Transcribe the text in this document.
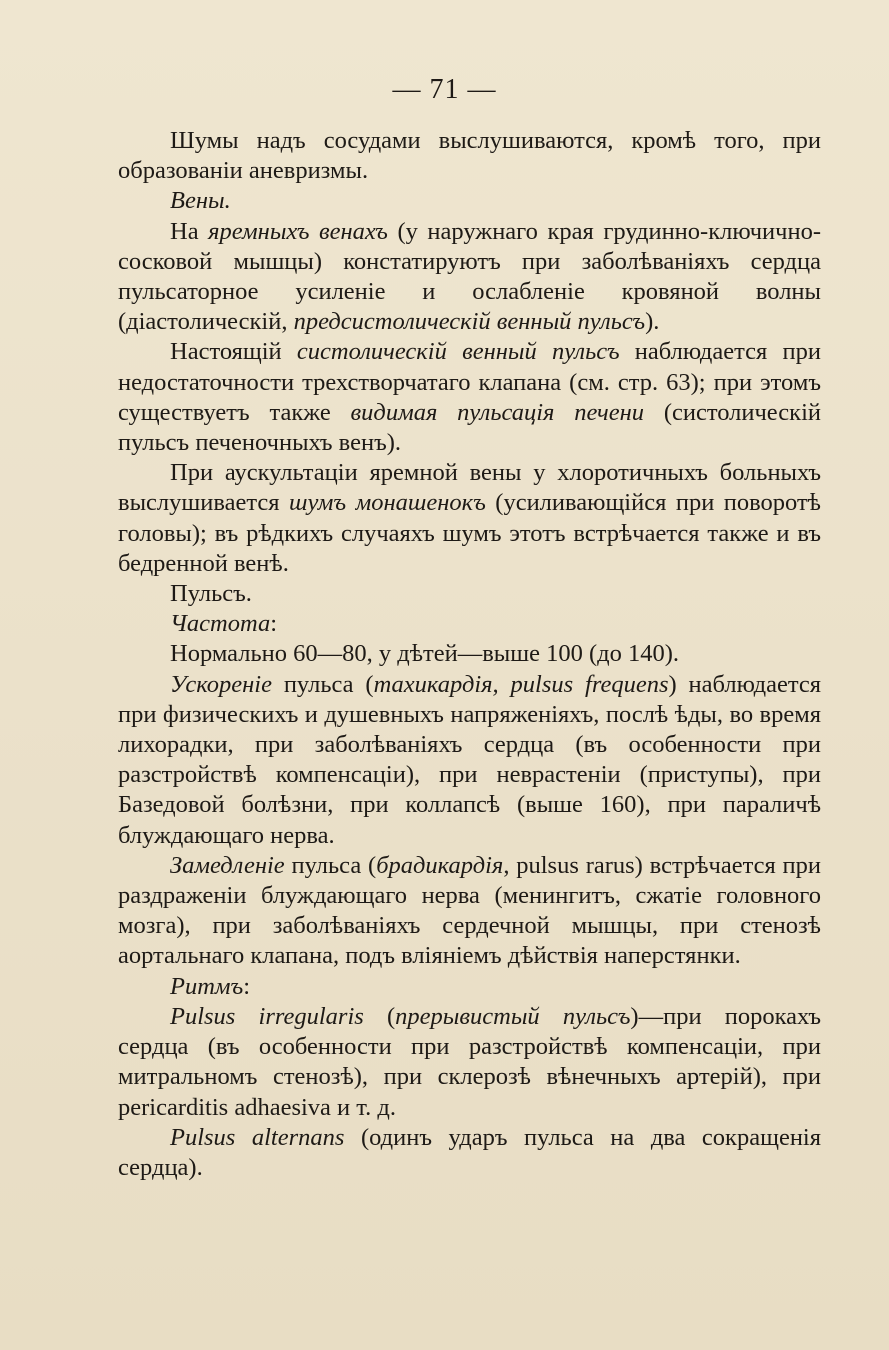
— 71 —

Шумы надъ сосудами выслушиваются, кромѣ того, при образованіи аневризмы.

Вены.

На яремныхъ венахъ (у наружнаго края грудинно-ключично-сосковой мышцы) констатируютъ при заболѣваніяхъ сердца пульсаторное усиленіе и ослабленіе кровяной волны (діастолическій, предсистолическій венный пульсъ).

Настоящій систолическій венный пульсъ наблюдается при недостаточности трехстворчатаго клапана (см. стр. 63); при этомъ существуетъ также видимая пульсація печени (систолическій пульсъ печеночныхъ венъ).

При аускультаціи яремной вены у хлоротичныхъ больныхъ выслушивается шумъ монашенокъ (усиливающійся при поворотѣ головы); въ рѣдкихъ случаяхъ шумъ этотъ встрѣчается также и въ бедренной венѣ.

Пульсъ.

Частота:

Нормально 60—80, у дѣтей—выше 100 (до 140).

Ускореніе пульса (тахикардія, pulsus frequens) наблюдается при физическихъ и душевныхъ напряженіяхъ, послѣ ѣды, во время лихорадки, при заболѣваніяхъ сердца (въ особенности при разстройствѣ компенсаціи), при неврастеніи (приступы), при Базедовой болѣзни, при коллапсѣ (выше 160), при параличѣ блуждающаго нерва.

Замедленіе пульса (брадикардія, pulsus rarus) встрѣчается при раздраженіи блуждающаго нерва (менингитъ, сжатіе головного мозга), при заболѣваніяхъ сердечной мышцы, при стенозѣ аортальнаго клапана, подъ вліяніемъ дѣйствія наперстянки.

Ритмъ:

Pulsus irregularis (прерывистый пульсъ)—при порокахъ сердца (въ особенности при разстройствѣ компенсаціи, при митральномъ стенозѣ), при склерозѣ вѣнечныхъ артерій), при pericarditis adhaesiva и т. д.

Pulsus alternans (одинъ ударъ пульса на два сокращенія сердца).
